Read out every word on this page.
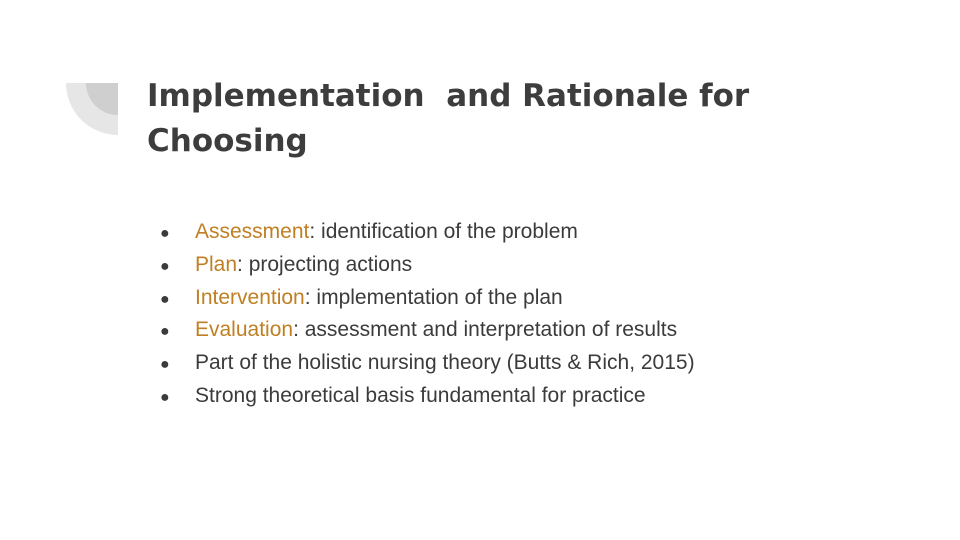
Implementation  and Rationale for Choosing
●	Assessment: identification of the problem
●	Plan: projecting actions
●	Intervention: implementation of the plan
●	Evaluation: assessment and interpretation of results
●	Part of the holistic nursing theory (Butts & Rich, 2015)
●	Strong theoretical basis fundamental for practice
